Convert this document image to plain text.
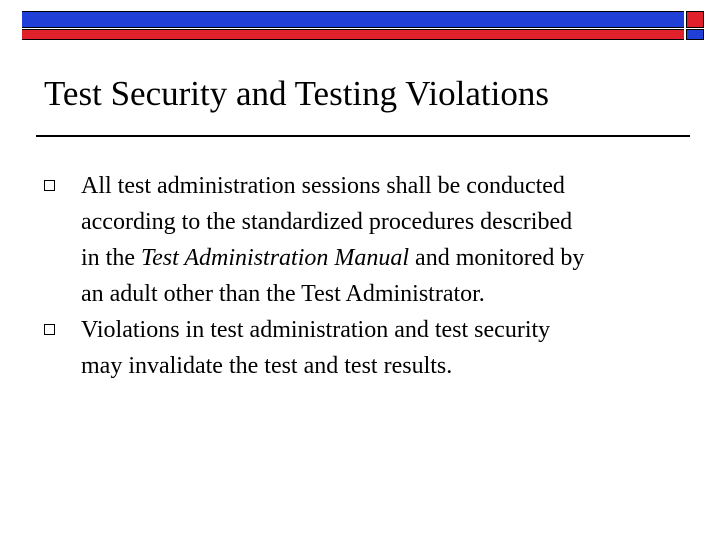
Test Security and Testing Violations
All test administration sessions shall be conducted
according to the standardized procedures described
in the Test Administration Manual and monitored by
an adult other than the Test Administrator.
Violations in test administration and test security
may invalidate the test and test results.
